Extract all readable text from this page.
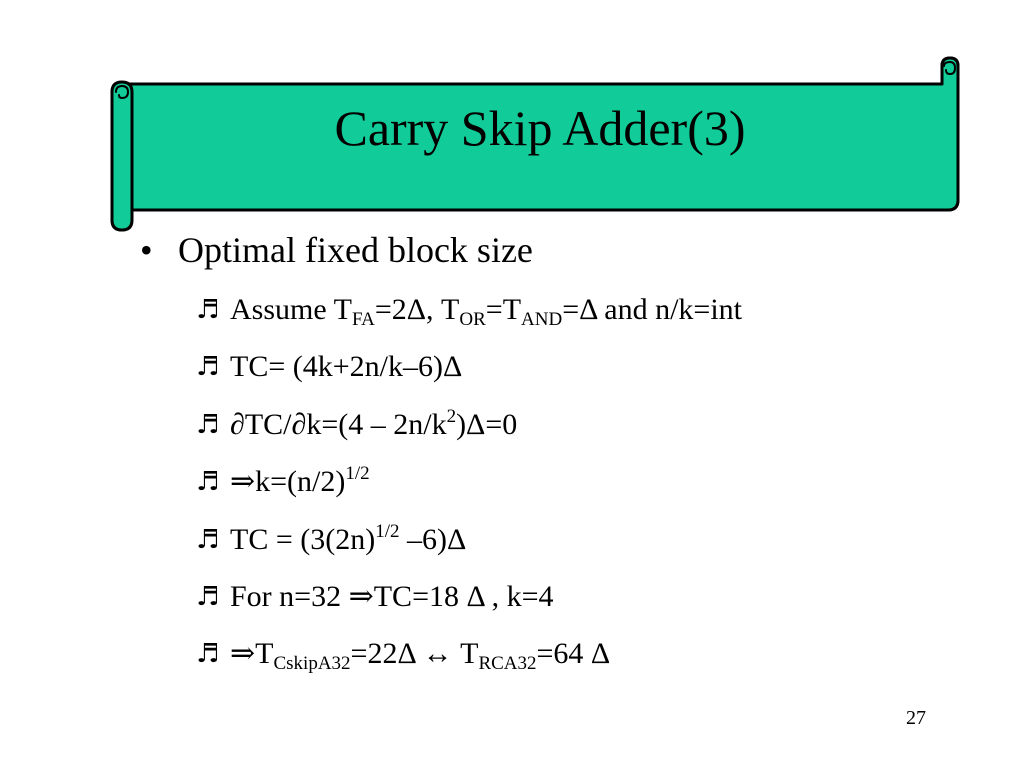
Carry Skip Adder(3)
• Optimal fixed block size
♬ Assume $T_{FA}=2\Delta$, $T_{OR}=T_{AND}=\Delta$ and n/k=int
♬ TC= (4k+2n/k–6)Δ
♬ $\partial TC/\partial k=(4 - 2n/k^2)\Delta=0$
♬ $\Rightarrow k=(n/2)^{1/2}$
♬ TC = ($3(2n)^{1/2}$ –6)Δ
♬ For n=32 ⇒TC=18 Δ , k=4
♬ $\Rightarrow T_{CskipA32}=22\Delta$ ↔ $T_{RCA32}=64$ Δ
27
